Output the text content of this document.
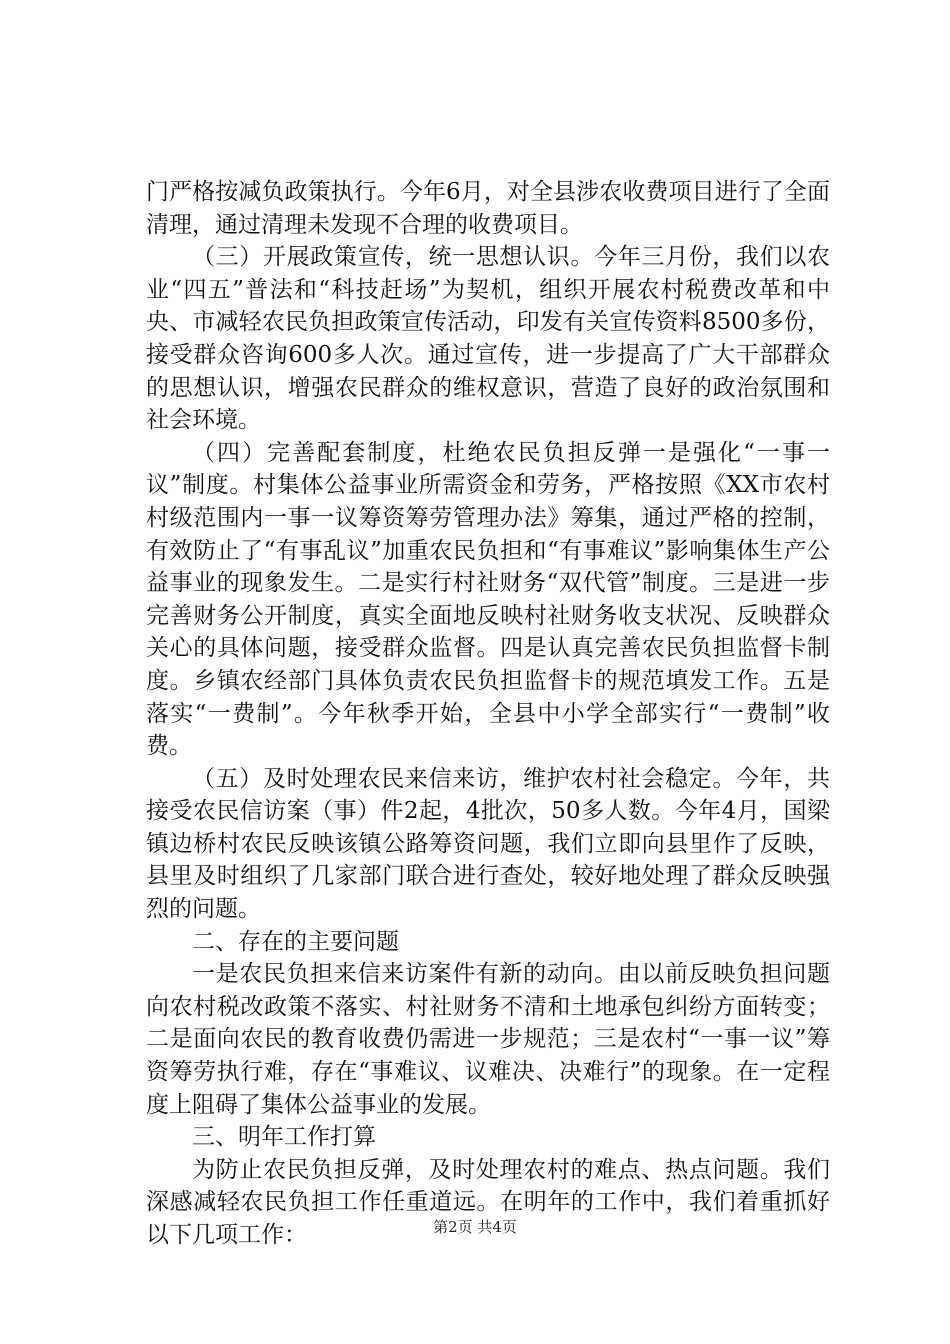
门严格按减负政策执行。今年6月，对全县涉农收费项目进行了全面清理，通过清理未发现不合理的收费项目。

（三）开展政策宣传，统一思想认识。今年三月份，我们以农业“四五”普法和“科技赶场”为契机，组织开展农村税费改革和中央、市减轻农民负担政策宣传活动，印发有关宣传资料8500多份，接受群众咨询600多人次。通过宣传，进一步提高了广大干部群众的思想认识，增强农民群众的维权意识，营造了良好的政治氛围和社会环境。

（四）完善配套制度，杜绝农民负担反弹一是强化“一事一议”制度。村集体公益事业所需资金和劳务，严格按照《XX市农村村级范围内一事一议筹资筹劳管理办法》筹集，通过严格的控制，有效防止了“有事乱议”加重农民负担和“有事难议”影响集体生产公益事业的现象发生。二是实行村社财务“双代管”制度。三是进一步完善财务公开制度，真实全面地反映村社财务收支状况、反映群众关心的具体问题，接受群众监督。四是认真完善农民负担监督卡制度。乡镇农经部门具体负责农民负担监督卡的规范填发工作。五是落实“一费制”。今年秋季开始，全县中小学全部实行“一费制”收费。

（五）及时处理农民来信来访，维护农村社会稳定。今年，共接受农民信访案（事）件2起，4批次，50多人数。今年4月，国梁镇边桥村农民反映该镇公路筹资问题，我们立即向县里作了反映，县里及时组织了几家部门联合进行查处，较好地处理了群众反映强烈的问题。

二、存在的主要问题

一是农民负担来信来访案件有新的动向。由以前反映负担问题向农村税改政策不落实、村社财务不清和土地承包纠纷方面转变；二是面向农民的教育收费仍需进一步规范；三是农村“一事一议”筹资筹劳执行难，存在“事难议、议难决、决难行”的现象。在一定程度上阻碍了集体公益事业的发展。

三、明年工作打算

为防止农民负担反弹，及时处理农村的难点、热点问题。我们深感减轻农民负担工作任重道远。在明年的工作中，我们着重抓好以下几项工作：	第2页 共4页
